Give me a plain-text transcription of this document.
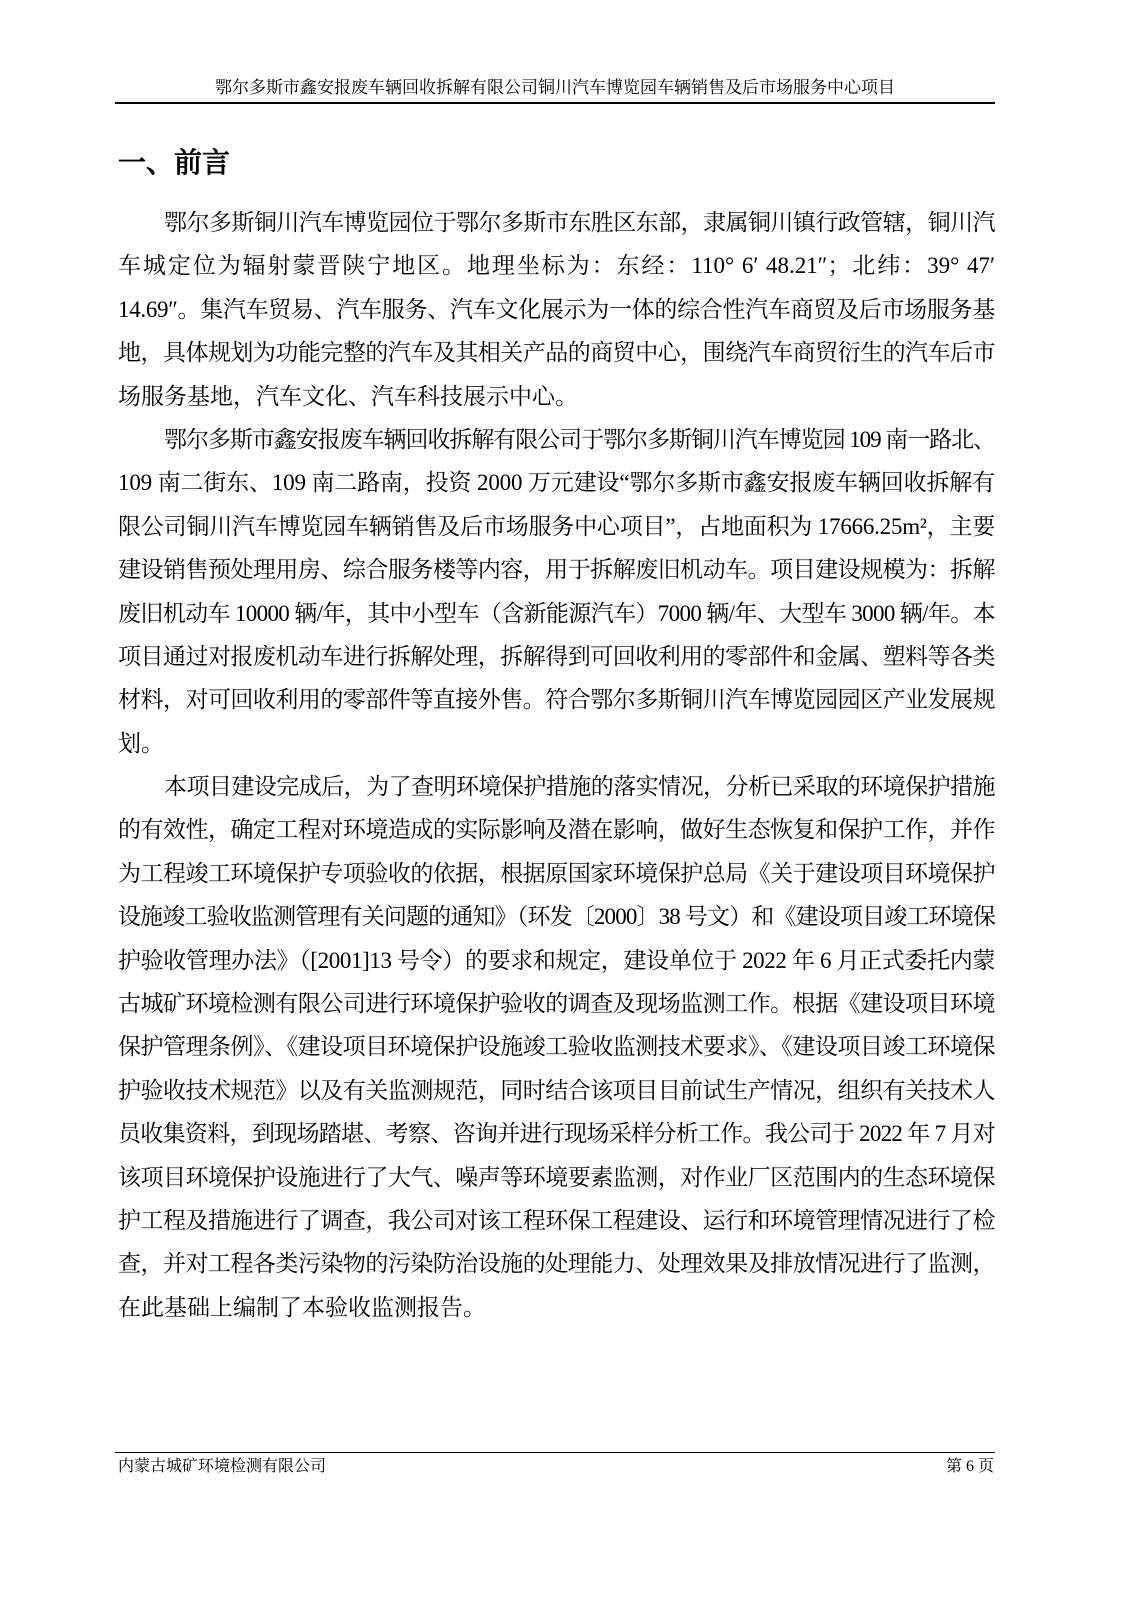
鄂尔多斯市鑫安报废车辆回收拆解有限公司铜川汽车博览园车辆销售及后市场服务中心项目
一、前言
鄂尔多斯铜川汽车博览园位于鄂尔多斯市东胜区东部，隶属铜川镇行政管辖，铜川汽
车城定位为辐射蒙晋陕宁地区。地理坐标为：东经：110° 6′ 48.21″；北纬：39° 47′
14.69″。集汽车贸易、汽车服务、汽车文化展示为一体的综合性汽车商贸及后市场服务基
地，具体规划为功能完整的汽车及其相关产品的商贸中心，围绕汽车商贸衍生的汽车后市
场服务基地，汽车文化、汽车科技展示中心。
鄂尔多斯市鑫安报废车辆回收拆解有限公司于鄂尔多斯铜川汽车博览园 109 南一路北、
109 南二街东、109 南二路南，投资 2000 万元建设“鄂尔多斯市鑫安报废车辆回收拆解有
限公司铜川汽车博览园车辆销售及后市场服务中心项目”，占地面积为 17666.25m²，主要
建设销售预处理用房、综合服务楼等内容，用于拆解废旧机动车。项目建设规模为：拆解
废旧机动车 10000 辆/年，其中小型车（含新能源汽车）7000 辆/年、大型车 3000 辆/年。本
项目通过对报废机动车进行拆解处理，拆解得到可回收利用的零部件和金属、塑料等各类
材料，对可回收利用的零部件等直接外售。符合鄂尔多斯铜川汽车博览园园区产业发展规
划。
本项目建设完成后，为了查明环境保护措施的落实情况，分析已采取的环境保护措施
的有效性，确定工程对环境造成的实际影响及潜在影响，做好生态恢复和保护工作，并作
为工程竣工环境保护专项验收的依据，根据原国家环境保护总局《关于建设项目环境保护
设施竣工验收监测管理有关问题的通知》（环发〔2000〕38 号文）和《建设项目竣工环境保
护验收管理办法》（[2001]13 号令）的要求和规定，建设单位于 2022 年 6 月正式委托内蒙
古城矿环境检测有限公司进行环境保护验收的调查及现场监测工作。根据《建设项目环境
保护管理条例》、《建设项目环境保护设施竣工验收监测技术要求》、《建设项目竣工环境保
护验收技术规范》以及有关监测规范，同时结合该项目目前试生产情况，组织有关技术人
员收集资料，到现场踏堪、考察、咨询并进行现场采样分析工作。我公司于 2022 年 7 月对
该项目环境保护设施进行了大气、噪声等环境要素监测，对作业厂区范围内的生态环境保
护工程及措施进行了调查，我公司对该工程环保工程建设、运行和环境管理情况进行了检
查，并对工程各类污染物的污染防治设施的处理能力、处理效果及排放情况进行了监测，
在此基础上编制了本验收监测报告。
内蒙古城矿环境检测有限公司	第 6 页
